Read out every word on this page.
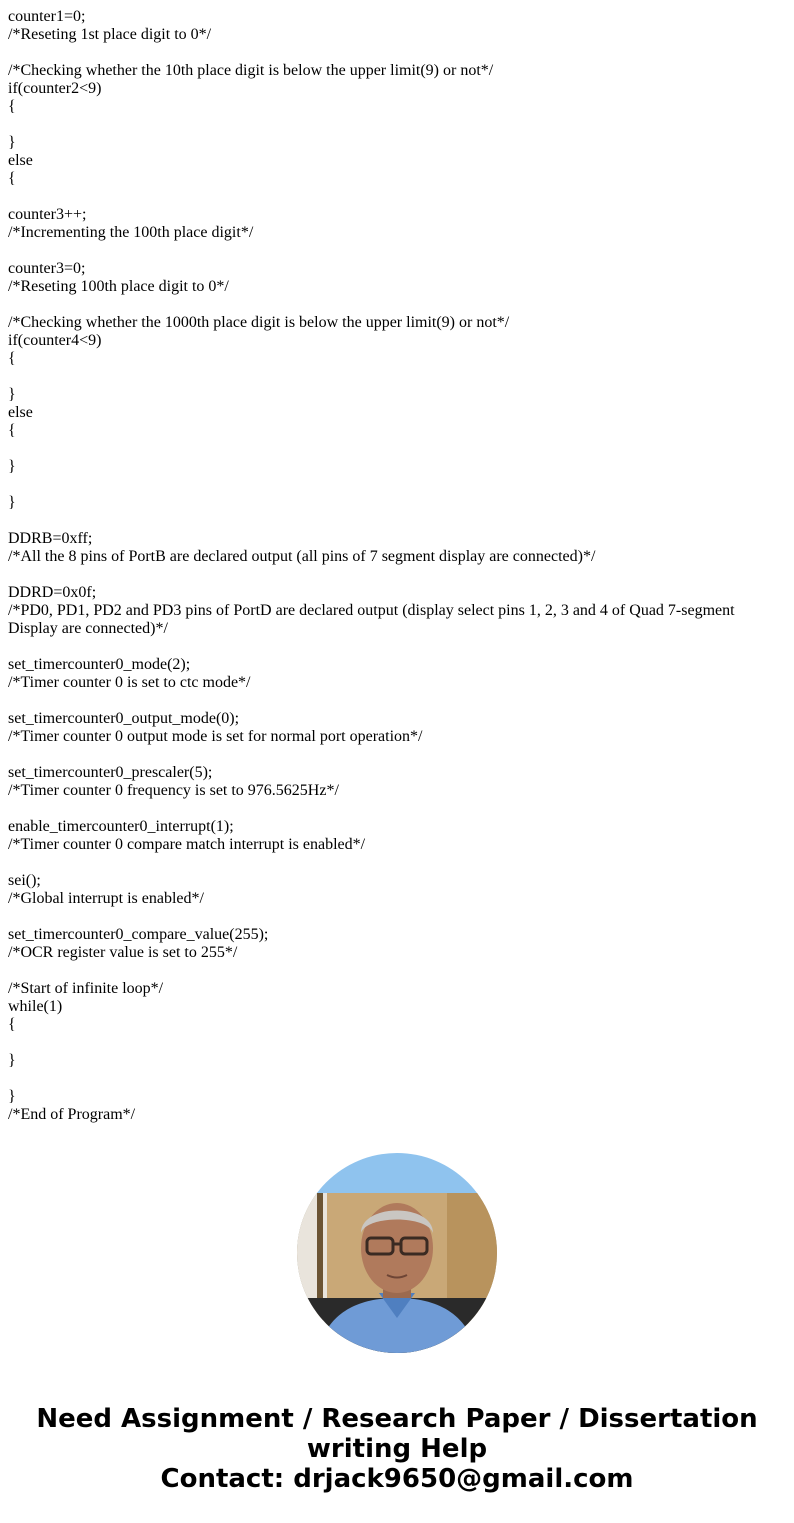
counter1=0;
/*Reseting 1st place digit to 0*/
/*Checking whether the 10th place digit is below the upper limit(9) or not*/
if(counter2<9)
{
}
else
{
counter3++;
/*Incrementing the 100th place digit*/
counter3=0;
/*Reseting 100th place digit to 0*/
/*Checking whether the 1000th place digit is below the upper limit(9) or not*/
if(counter4<9)
{
}
else
{
}
}
DDRB=0xff;
/*All the 8 pins of PortB are declared output (all pins of 7 segment display are connected)*/
DDRD=0x0f;
/*PD0, PD1, PD2 and PD3 pins of PortD are declared output (display select pins 1, 2, 3 and 4 of Quad 7-segment Display are connected)*/
set_timercounter0_mode(2);
/*Timer counter 0 is set to ctc mode*/
set_timercounter0_output_mode(0);
/*Timer counter 0 output mode is set for normal port operation*/
set_timercounter0_prescaler(5);
/*Timer counter 0 frequency is set to 976.5625Hz*/
enable_timercounter0_interrupt(1);
/*Timer counter 0 compare match interrupt is enabled*/
sei();
/*Global interrupt is enabled*/
set_timercounter0_compare_value(255);
/*OCR register value is set to 255*/
/*Start of infinite loop*/
while(1)
{
}
}
/*End of Program*/
Need Assignment / Research Paper / Dissertation
writing Help
Contact: drjack9650@gmail.com
